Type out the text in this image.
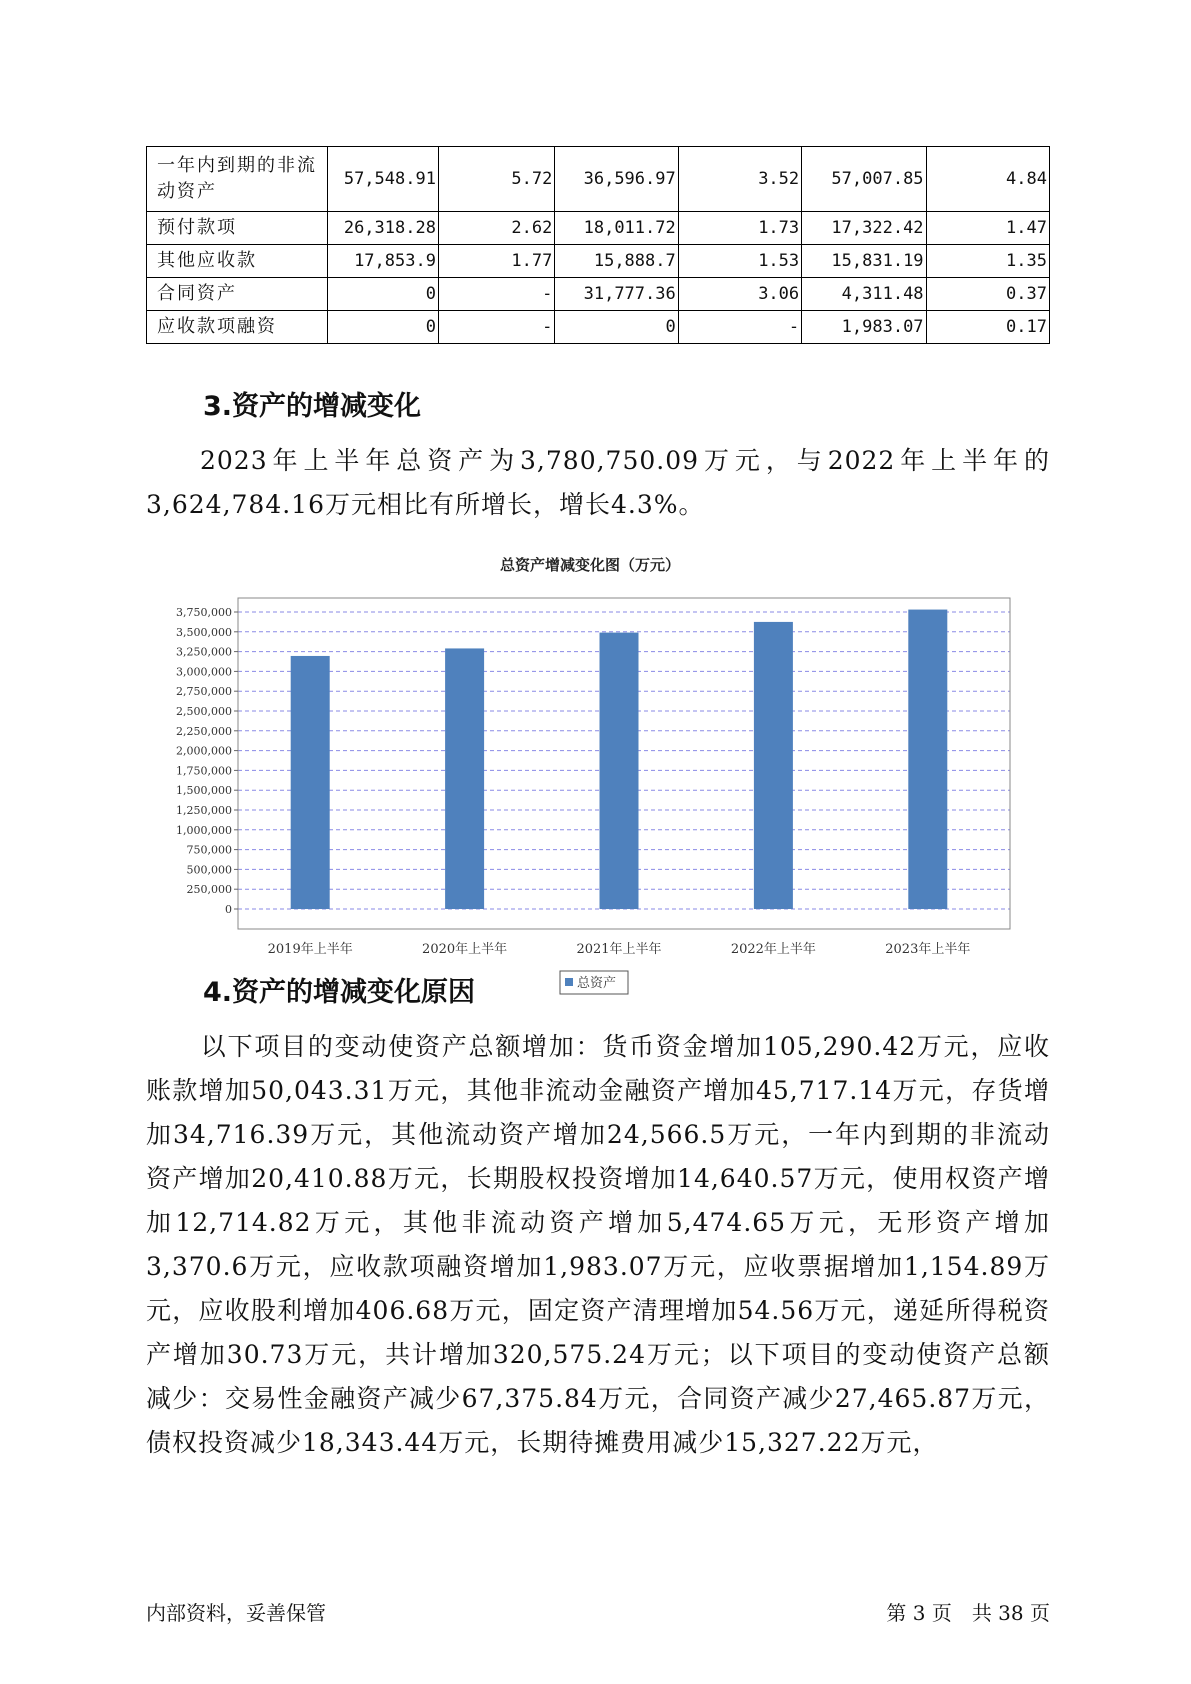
一年内到期的非流动资产	57,548.91	5.72	36,596.97	3.52	57,007.85	4.84
预付款项	26,318.28	2.62	18,011.72	1.73	17,322.42	1.47
其他应收款	17,853.9	1.77	15,888.7	1.53	15,831.19	1.35
合同资产	0	-	31,777.36	3.06	4,311.48	0.37
应收款项融资	0	-	0	-	1,983.07	0.17
3.资产的增减变化

2023年上半年总资产为3,780,750.09万元，与2022年上半年的3,624,784.16万元相比有所增长，增长4.3%。

总资产增减变化图（万元）
0
250,000
500,000
750,000
1,000,000
1,250,000
1,500,000
1,750,000
2,000,000
2,250,000
2,500,000
2,750,000
3,000,000
3,250,000
3,500,000
3,750,000
2019年上半年	2020年上半年	2021年上半年	2022年上半年	2023年上半年
总资产
4.资产的增减变化原因

以下项目的变动使资产总额增加：货币资金增加105,290.42万元，应收账款增加50,043.31万元，其他非流动金融资产增加45,717.14万元，存货增加34,716.39万元，其他流动资产增加24,566.5万元，一年内到期的非流动资产增加20,410.88万元，长期股权投资增加14,640.57万元，使用权资产增加12,714.82万元，其他非流动资产增加5,474.65万元，无形资产增加3,370.6万元，应收款项融资增加1,983.07万元，应收票据增加1,154.89万元，应收股利增加406.68万元，固定资产清理增加54.56万元，递延所得税资产增加30.73万元，共计增加320,575.24万元；以下项目的变动使资产总额减少：交易性金融资产减少67,375.84万元，合同资产减少27,465.87万元，债权投资减少18,343.44万元，长期待摊费用减少15,327.22万元，

内部资料，妥善保管	第 3 页　共 38 页
